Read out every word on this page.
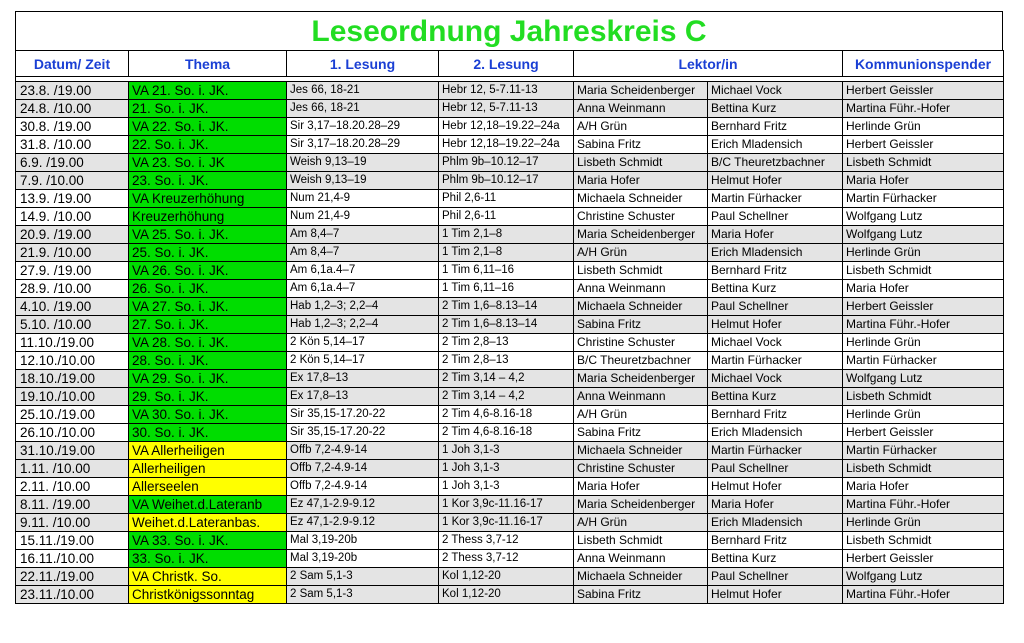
Leseordnung Jahreskreis C
Datum/ Zeit	Thema	1. Lesung	2. Lesung	Lektor/in		Kommunionspender

23.8. /19.00	VA 21. So. i. JK.	Jes 66, 18-21	Hebr 12, 5-7.11-13	Maria Scheidenberger	Michael Vock	Herbert Geissler
24.8. /10.00	21. So. i. JK.	Jes 66, 18-21	Hebr 12, 5-7.11-13	Anna Weinmann	Bettina Kurz	Martina Führ.-Hofer
30.8. /19.00	VA 22. So. i. JK.	Sir 3,17–18.20.28–29	Hebr 12,18–19.22–24a	A/H Grün	Bernhard Fritz	Herlinde Grün
31.8. /10.00	22. So. i. JK.	Sir 3,17–18.20.28–29	Hebr 12,18–19.22–24a	Sabina Fritz	Erich Mladensich	Herbert Geissler
6.9. /19.00	VA 23. So. i. JK	Weish 9,13–19	Phlm 9b–10.12–17	Lisbeth Schmidt	B/C Theuretzbachner	Lisbeth Schmidt
7.9. /10.00	23. So. i. JK.	Weish 9,13–19	Phlm 9b–10.12–17	Maria Hofer	Helmut Hofer	Maria Hofer
13.9. /19.00	VA Kreuzerhöhung	Num 21,4-9	Phil 2,6-11	Michaela Schneider	Martin Fürhacker	Martin Fürhacker
14.9. /10.00	Kreuzerhöhung	Num 21,4-9	Phil 2,6-11	Christine Schuster	Paul Schellner	Wolfgang Lutz
20.9. /19.00	VA 25. So. i. JK.	Am 8,4–7	1 Tim 2,1–8	Maria Scheidenberger	Maria Hofer	Wolfgang Lutz
21.9. /10.00	25. So. i. JK.	Am 8,4–7	1 Tim 2,1–8	A/H Grün	Erich Mladensich	Herlinde Grün
27.9. /19.00	VA 26. So. i. JK.	Am 6,1a.4–7	1 Tim 6,11–16	Lisbeth Schmidt	Bernhard Fritz	Lisbeth Schmidt
28.9. /10.00	26. So. i. JK.	Am 6,1a.4–7	1 Tim 6,11–16	Anna Weinmann	Bettina Kurz	Maria Hofer
4.10. /19.00	VA 27. So. i. JK.	Hab 1,2–3; 2,2–4	2 Tim 1,6–8.13–14	Michaela Schneider	Paul Schellner	Herbert Geissler
5.10. /10.00	27. So. i. JK.	Hab 1,2–3; 2,2–4	2 Tim 1,6–8.13–14	Sabina Fritz	Helmut Hofer	Martina Führ.-Hofer
11.10./19.00	VA 28. So. i. JK.	2 Kön 5,14–17	2 Tim 2,8–13	Christine Schuster	Michael Vock	Herlinde Grün
12.10./10.00	28. So. i. JK.	2 Kön 5,14–17	2 Tim 2,8–13	B/C Theuretzbachner	Martin Fürhacker	Martin Fürhacker
18.10./19.00	VA 29. So. i. JK.	Ex 17,8–13	2 Tim 3,14 – 4,2	Maria Scheidenberger	Michael Vock	Wolfgang Lutz
19.10./10.00	29. So. i. JK.	Ex 17,8–13	2 Tim 3,14 – 4,2	Anna Weinmann	Bettina Kurz	Lisbeth Schmidt
25.10./19.00	VA 30. So. i. JK.	Sir 35,15-17.20-22	2 Tim 4,6-8.16-18	A/H Grün	Bernhard Fritz	Herlinde Grün
26.10./10.00	30. So. i. JK.	Sir 35,15-17.20-22	2 Tim 4,6-8.16-18	Sabina Fritz	Erich Mladensich	Herbert Geissler
31.10./19.00	VA Allerheiligen	Offb 7,2-4.9-14	1 Joh 3,1-3	Michaela Schneider	Martin Fürhacker	Martin Fürhacker
1.11. /10.00	Allerheiligen	Offb 7,2-4.9-14	1 Joh 3,1-3	Christine Schuster	Paul Schellner	Lisbeth Schmidt
2.11. /10.00	Allerseelen	Offb 7,2-4.9-14	1 Joh 3,1-3	Maria Hofer	Helmut Hofer	Maria Hofer
8.11. /19.00	VA Weihet.d.Lateranb	Ez 47,1-2.9-9.12	1 Kor 3,9c-11.16-17	Maria Scheidenberger	Maria Hofer	Martina Führ.-Hofer
9.11. /10.00	Weihet.d.Lateranbas.	Ez 47,1-2.9-9.12	1 Kor 3,9c-11.16-17	A/H Grün	Erich Mladensich	Herlinde Grün
15.11./19.00	VA 33. So. i. JK.	Mal 3,19-20b	2 Thess 3,7-12	Lisbeth Schmidt	Bernhard Fritz	Lisbeth Schmidt
16.11./10.00	33. So. i. JK.	Mal 3,19-20b	2 Thess 3,7-12	Anna Weinmann	Bettina Kurz	Herbert Geissler
22.11./19.00	VA Christk. So.	2 Sam 5,1-3	Kol 1,12-20	Michaela Schneider	Paul Schellner	Wolfgang Lutz
23.11./10.00	Christkönigssonntag	2 Sam 5,1-3	Kol 1,12-20	Sabina Fritz	Helmut Hofer	Martina Führ.-Hofer
